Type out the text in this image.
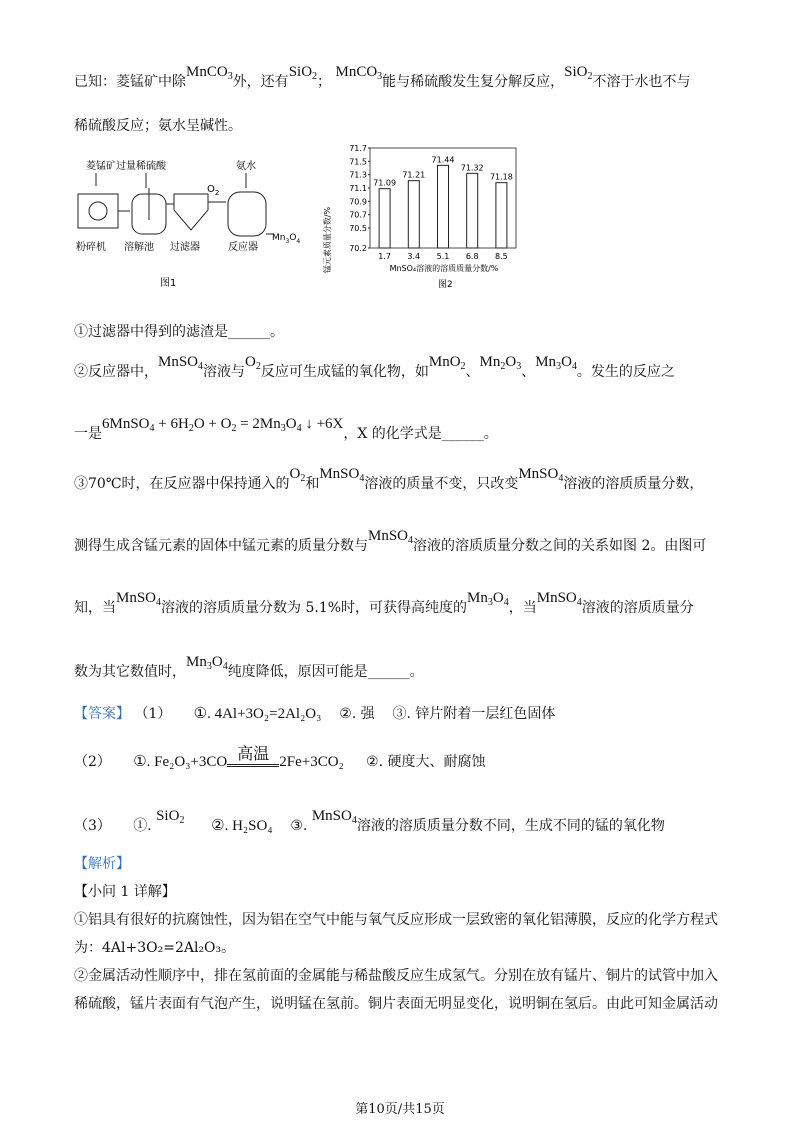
已知：菱锰矿中除MnCO$_3$外，还有SiO$_2$； MnCO$_3$能与稀硫酸发生复分解反应，SiO$_2$不溶于水也不与
稀硫酸反应；氨水呈碱性。
菱锰矿
粉碎机
过量稀硫酸
溶解池 过滤器
$O_2$
氨水
反应器
$Mn_3O_4$
图1
锰元素质量分数/%
71.7
71.5
71.3
71.1
70.9
70.7
70.5
70.2
71.09
71.21
71.44
71.32
71.18
1.7 3.4 5.1 6.8 8.5
MnSO₄溶液的溶质质量分数/%
图2
①过滤器中得到的滤渣是______。
②反应器中，MnSO$_4$溶液与$O_2$反应可生成锰的氧化物，如MnO$_2$、$Mn_2O_3$、$Mn_3O_4$。发生的反应之
一是6MnSO$_4$ + $6H_2O + O_2 = 2Mn_3O_4$ ↓ +6X，X 的化学式是______。
③70℃时，在反应器中保持通入的$O_2$和MnSO$_4$溶液的质量不变，只改变MnSO$_4$溶液的溶质质量分数，
测得生成含锰元素的固体中锰元素的质量分数与MnSO$_4$溶液的溶质质量分数之间的关系如图 2。由图可
知，当MnSO$_4$溶液的溶质质量分数为 5.1%时，可获得高纯度的$Mn_3O_4$，当MnSO$_4$溶液的溶质质量分
数为其它数值时，$Mn_3O_4$纯度降低，原因可能是______。
【答案】 （1） ①. 4Al+3O₂=2Al₂O₃ ②. 强 ③. 锌片附着一层红色固体
（2） ①. Fe₂O₃+3CO 高温 2Fe+3CO₂ ②. 硬度大、耐腐蚀
（3） ①. SiO$_2$ ②. H₂SO₄ ③. MnSO$_4$溶液的溶质质量分数不同，生成不同的锰的氧化物
【解析】
【小问 1 详解】
①铝具有很好的抗腐蚀性，因为铝在空气中能与氧气反应形成一层致密的氧化铝薄膜，反应的化学方程式
为：4Al+3O₂=2Al₂O₃。
②金属活动性顺序中，排在氢前面的金属能与稀盐酸反应生成氢气。分别在放有锰片、铜片的试管中加入
稀硫酸，锰片表面有气泡产生，说明锰在氢前。铜片表面无明显变化，说明铜在氢后。由此可知金属活动
第10页/共15页
